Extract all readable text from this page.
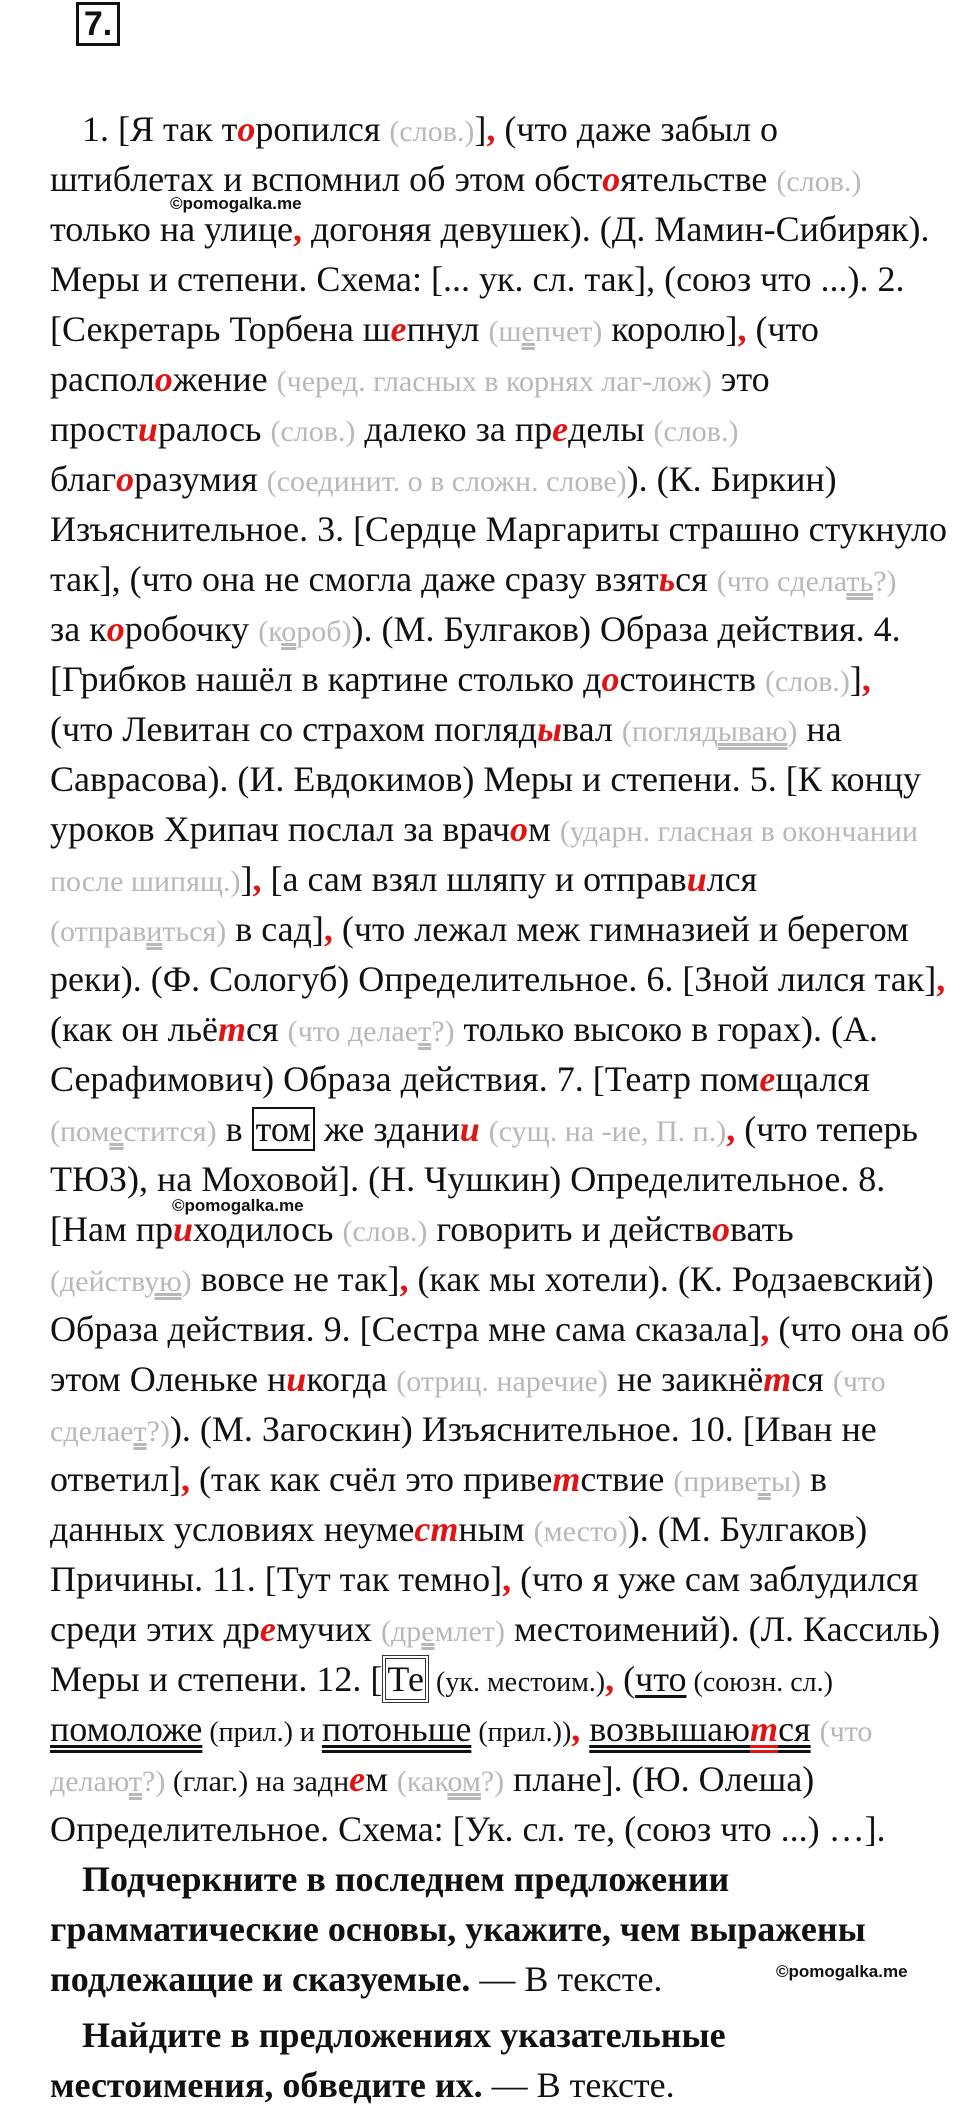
7.
1. [Я так торопился (слов.)], (что даже забыл о
штиблетах и вспомнил об этом обстоятельстве (слов.)
только на улице, догоняя девушек). (Д. Мамин-Сибиряк).
Меры и степени. Схема: [... ук. сл. так], (союз что ...). 2.
[Секретарь Торбена шепнул (шепчет) королю], (что
расположение (черед. гласных в корнях лаг-лож) это
простиралось (слов.) далеко за пределы (слов.)
благоразумия (соединит. о в сложн. слове)). (К. Биркин)
Изъяснительное. 3. [Сердце Маргариты страшно стукнуло
так], (что она не смогла даже сразу взяться (что сделать?)
за коробочку (короб)). (М. Булгаков) Образа действия. 4.
[Грибков нашёл в картине столько достоинств (слов.)],
(что Левитан со страхом поглядывал (поглядываю) на
Саврасова). (И. Евдокимов) Меры и степени. 5. [К концу
уроков Хрипач послал за врачом (ударн. гласная в окончании
после шипящ.)], [а сам взял шляпу и отправился
(отправиться) в сад], (что лежал меж гимназией и берегом
реки). (Ф. Сологуб) Определительное. 6. [Зной лился так],
(как он льётся (что делает?) только высоко в горах). (А.
Серафимович) Образа действия. 7. [Театр помещался
(поместится) в том же здании (сущ. на -ие, П. п.), (что теперь
ТЮЗ), на Моховой]. (Н. Чушкин) Определительное. 8.
[Нам приходилось (слов.) говорить и действовать
(действую) вовсе не так], (как мы хотели). (К. Родзаевский)
Образа действия. 9. [Сестра мне сама сказала], (что она об
этом Оленьке никогда (отриц. наречие) не заикнётся (что
сделает?)). (М. Загоскин) Изъяснительное. 10. [Иван не
ответил], (так как счёл это приветствие (приветы) в
данных условиях неуместным (место)). (М. Булгаков)
Причины. 11. [Тут так темно], (что я уже сам заблудился
среди этих дремучих (дремлет) местоимений). (Л. Кассиль)
Меры и степени. 12. [ Те (ук. местоим.), (что (союзн. сл.)
помоложе (прил.) и потоньше (прил.)), возвышаются (что
делают?) (глаг.) на заднем (каком?) плане]. (Ю. Олеша)
Определительное. Схема: [Ук. сл. те, (союз что ...) …].
Подчеркните в последнем предложении
грамматические основы, укажите, чем выражены
подлежащие и сказуемые. — В тексте.
Найдите в предложениях указательные
местоимения, обведите их. — В тексте.
©pomogalka.me
©pomogalka.me
©pomogalka.me
